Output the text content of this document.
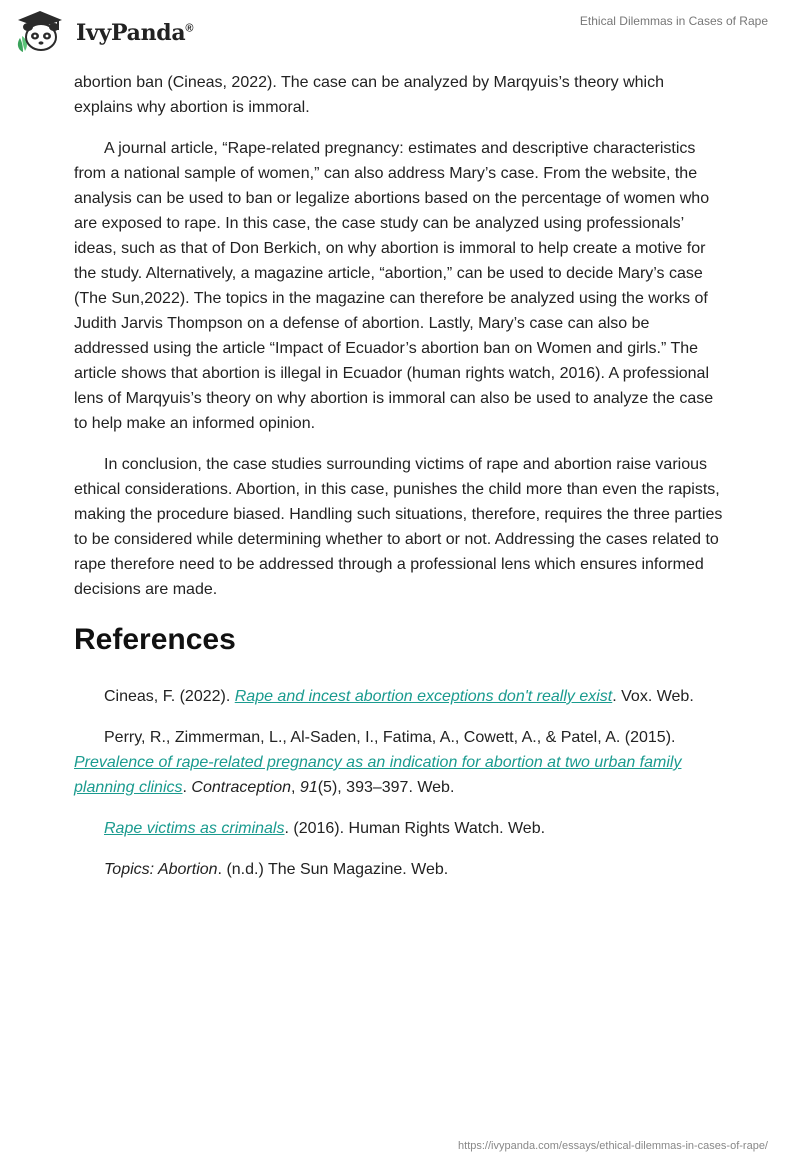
IvyPanda®
Ethical Dilemmas in Cases of Rape

abortion ban (Cineas, 2022). The case can be analyzed by Marqyuis’s theory which explains why abortion is immoral.

A journal article, “Rape-related pregnancy: estimates and descriptive characteristics from a national sample of women,” can also address Mary’s case. From the website, the analysis can be used to ban or legalize abortions based on the percentage of women who are exposed to rape. In this case, the case study can be analyzed using professionals’ ideas, such as that of Don Berkich, on why abortion is immoral to help create a motive for the study. Alternatively, a magazine article, “abortion,” can be used to decide Mary’s case (The Sun,2022). The topics in the magazine can therefore be analyzed using the works of Judith Jarvis Thompson on a defense of abortion. Lastly, Mary’s case can also be addressed using the article “Impact of Ecuador’s abortion ban on Women and girls.” The article shows that abortion is illegal in Ecuador (human rights watch, 2016). A professional lens of Marqyuis’s theory on why abortion is immoral can also be used to analyze the case to help make an informed opinion.

In conclusion, the case studies surrounding victims of rape and abortion raise various ethical considerations. Abortion, in this case, punishes the child more than even the rapists, making the procedure biased. Handling such situations, therefore, requires the three parties to be considered while determining whether to abort or not. Addressing the cases related to rape therefore need to be addressed through a professional lens which ensures informed decisions are made.

References

Cineas, F. (2022). Rape and incest abortion exceptions don't really exist. Vox. Web.

Perry, R., Zimmerman, L., Al-Saden, I., Fatima, A., Cowett, A., & Patel, A. (2015). Prevalence of rape-related pregnancy as an indication for abortion at two urban family planning clinics. Contraception, 91(5), 393–397. Web.

Rape victims as criminals. (2016). Human Rights Watch. Web.

Topics: Abortion. (n.d.) The Sun Magazine. Web.

https://ivypanda.com/essays/ethical-dilemmas-in-cases-of-rape/
